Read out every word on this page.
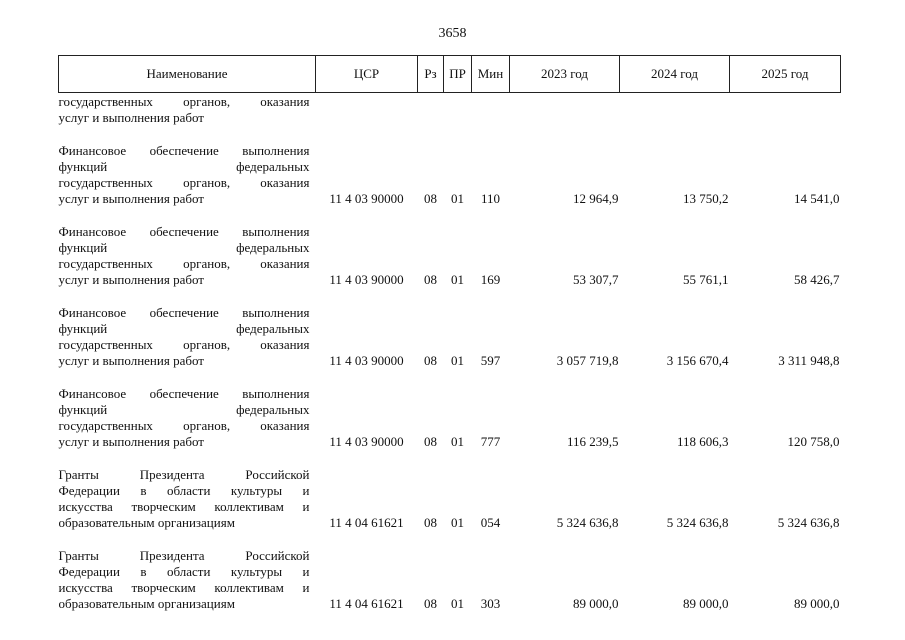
3658
Наименование	ЦСР	Рз	ПР	Мин	2023 год	2024 год	2025 год

государственных органов, оказания
услуг и выполнения работ							

Финансовое обеспечение выполнения
функций федеральных
государственных органов, оказания
услуг и выполнения работ	11 4 03 90000	08	01	110	12 964,9	13 750,2	14 541,0

Финансовое обеспечение выполнения
функций федеральных
государственных органов, оказания
услуг и выполнения работ	11 4 03 90000	08	01	169	53 307,7	55 761,1	58 426,7

Финансовое обеспечение выполнения
функций федеральных
государственных органов, оказания
услуг и выполнения работ	11 4 03 90000	08	01	597	3 057 719,8	3 156 670,4	3 311 948,8

Финансовое обеспечение выполнения
функций федеральных
государственных органов, оказания
услуг и выполнения работ	11 4 03 90000	08	01	777	116 239,5	118 606,3	120 758,0

Гранты Президента Российской
Федерации в области культуры и
искусства творческим коллективам и
образовательным организациям	11 4 04 61621	08	01	054	5 324 636,8	5 324 636,8	5 324 636,8

Гранты Президента Российской
Федерации в области культуры и
искусства творческим коллективам и
образовательным организациям	11 4 04 61621	08	01	303	89 000,0	89 000,0	89 000,0
